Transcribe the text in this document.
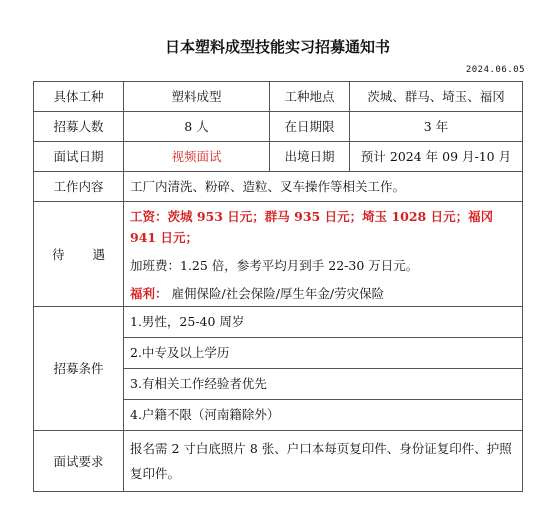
日本塑料成型技能实习招募通知书
2024.06.05
具体工种	塑料成型	工种地点	茨城、群马、埼玉、福冈
招募人数	8 人	在日期限	3 年
面试日期	视频面试	出境日期	预计 2024 年 09 月-10 月
工作内容	工厂内清洗、粉碎、造粒、叉车操作等相关工作。		
待 遇	工资：茨城 953 日元；群马 935 日元；埼玉 1028 日元；福冈 941 日元；
加班费：1.25 倍，参考平均月到手 22-30 万日元。
福利： 雇佣保险/社会保险/厚生年金/劳灾保险		

招募条件	1.男性，25-40 周岁
2.中专及以上学历
3.有相关工作经验者优先
4.户籍不限（河南籍除外）		

面试要求	报名需 2 寸白底照片 8 张、户口本每页复印件、身份证复印件、护照复印件。		
